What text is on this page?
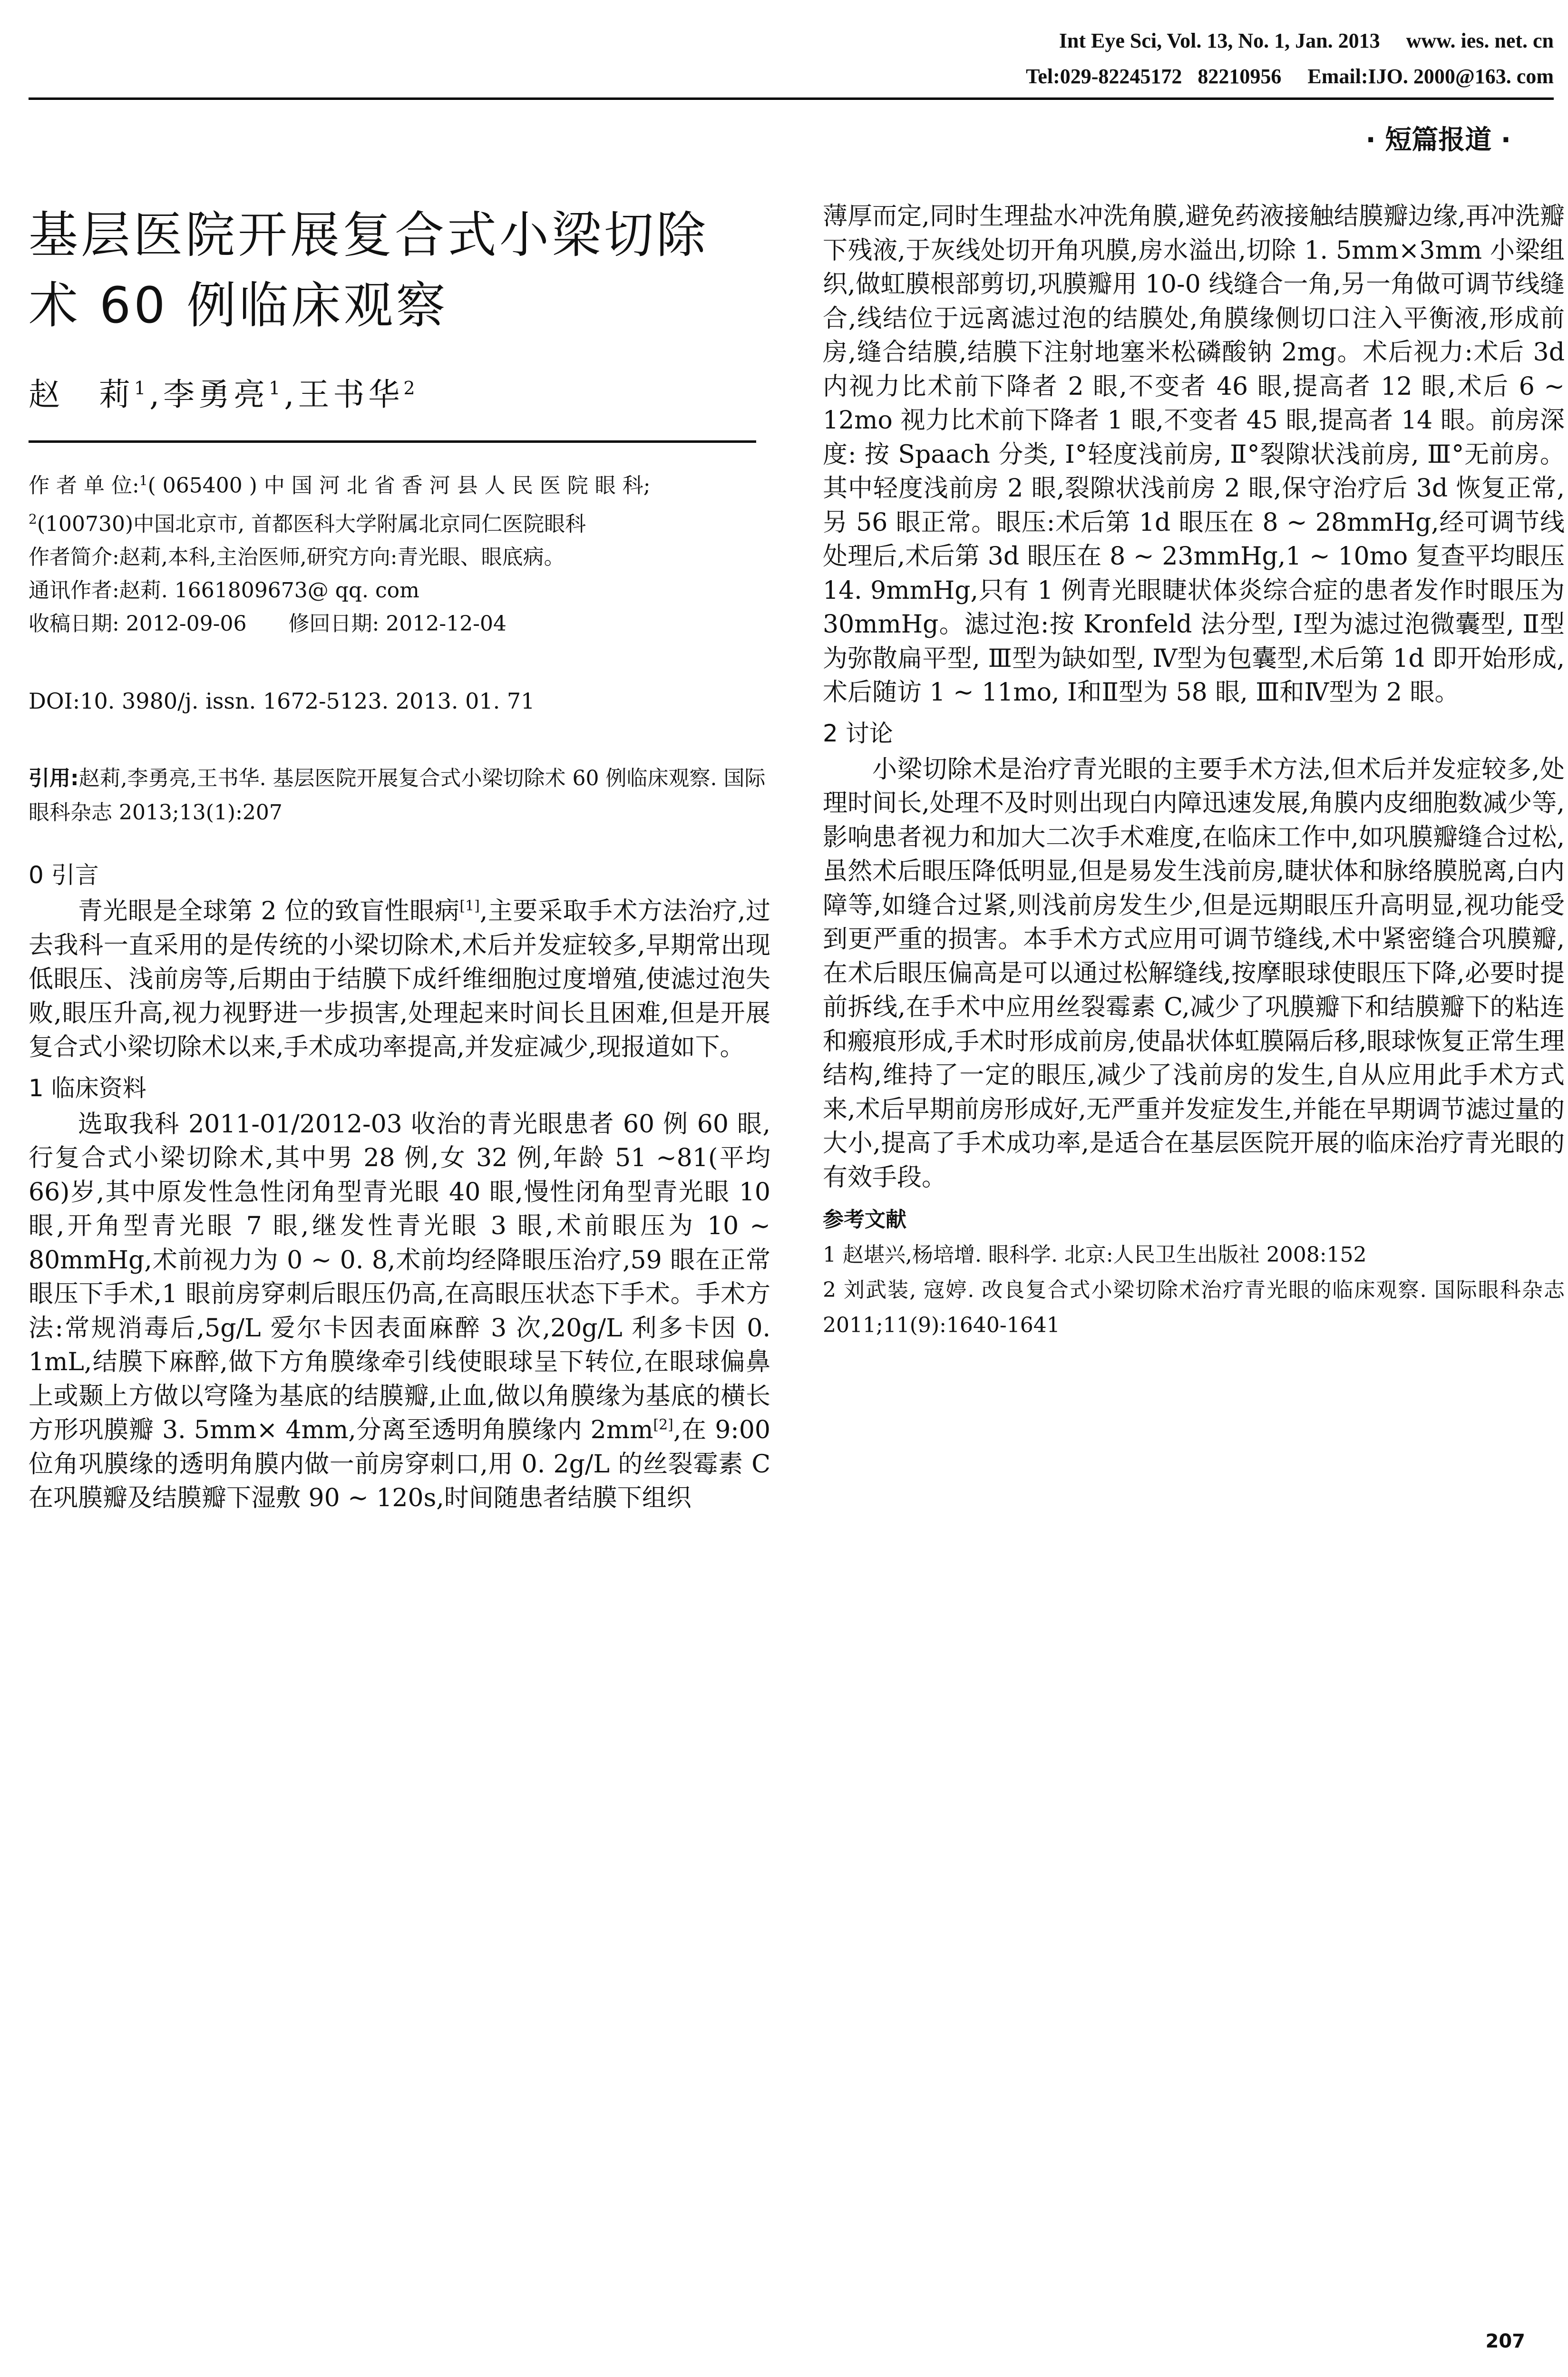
Int Eye Sci, Vol. 13, No. 1, Jan. 2013     www. ies. net. cn
Tel:029-82245172   82210956     Email:IJO. 2000@163. com
· 短篇报道 ·
基层医院开展复合式小梁切除
术 60 例临床观察
赵　莉$^1$,李勇亮$^1$,王书华$^2$

作 者 单 位:$^1$( 065400 ) 中 国 河 北 省 香 河 县 人 民 医 院 眼 科;

$^2$(100730)中国北京市, 首都医科大学附属北京同仁医院眼科

作者简介:赵莉,本科,主治医师,研究方向:青光眼、眼底病。

通讯作者:赵莉. 1661809673@ qq. com

收稿日期: 2012-09-06　　修回日期: 2012-12-04

DOI:10. 3980/j. issn. 1672-5123. 2013. 01. 71
引用:赵莉,李勇亮,王书华. 基层医院开展复合式小梁切除术 60 例临床观察. 国际眼科杂志 2013;13(1):207
0 引言

青光眼是全球第 2 位的致盲性眼病[1],主要采取手术方法治疗,过去我科一直采用的是传统的小梁切除术,术后并发症较多,早期常出现低眼压、浅前房等,后期由于结膜下成纤维细胞过度增殖,使滤过泡失败,眼压升高,视力视野进一步损害,处理起来时间长且困难,但是开展复合式小梁切除术以来,手术成功率提高,并发症减少,现报道如下。

1 临床资料

选取我科 2011-01/2012-03 收治的青光眼患者 60 例 60 眼,行复合式小梁切除术,其中男 28 例,女 32 例,年龄 51 ~81(平均 66)岁,其中原发性急性闭角型青光眼 40 眼,慢性闭角型青光眼 10 眼,开角型青光眼 7 眼,继发性青光眼 3 眼,术前眼压为 10 ~ 80mmHg,术前视力为 0 ~ 0. 8,术前均经降眼压治疗,59 眼在正常眼压下手术,1 眼前房穿刺后眼压仍高,在高眼压状态下手术。手术方法:常规消毒后,5g/L 爱尔卡因表面麻醉 3 次,20g/L 利多卡因 0. 1mL,结膜下麻醉,做下方角膜缘牵引线使眼球呈下转位,在眼球偏鼻上或颞上方做以穹隆为基底的结膜瓣,止血,做以角膜缘为基底的横长方形巩膜瓣 3. 5mm× 4mm,分离至透明角膜缘内 2mm[2],在 9:00 位角巩膜缘的透明角膜内做一前房穿刺口,用 0. 2g/L 的丝裂霉素 C 在巩膜瓣及结膜瓣下湿敷 90 ~ 120s,时间随患者结膜下组织

薄厚而定,同时生理盐水冲洗角膜,避免药液接触结膜瓣边缘,再冲洗瓣下残液,于灰线处切开角巩膜,房水溢出,切除 1. 5mm×3mm 小梁组织,做虹膜根部剪切,巩膜瓣用 10-0 线缝合一角,另一角做可调节线缝合,线结位于远离滤过泡的结膜处,角膜缘侧切口注入平衡液,形成前房,缝合结膜,结膜下注射地塞米松磷酸钠 2mg。术后视力:术后 3d 内视力比术前下降者 2 眼,不变者 46 眼,提高者 12 眼,术后 6 ~ 12mo 视力比术前下降者 1 眼,不变者 45 眼,提高者 14 眼。前房深度: 按 Spaach 分类, Ⅰ°轻度浅前房, Ⅱ°裂隙状浅前房, Ⅲ°无前房。其中轻度浅前房 2 眼,裂隙状浅前房 2 眼,保守治疗后 3d 恢复正常,另 56 眼正常。眼压:术后第 1d 眼压在 8 ~ 28mmHg,经可调节线处理后,术后第 3d 眼压在 8 ~ 23mmHg,1 ~ 10mo 复查平均眼压 14. 9mmHg,只有 1 例青光眼睫状体炎综合症的患者发作时眼压为 30mmHg。滤过泡:按 Kronfeld 法分型, Ⅰ型为滤过泡微囊型, Ⅱ型为弥散扁平型, Ⅲ型为缺如型, Ⅳ型为包囊型,术后第 1d 即开始形成,术后随访 1 ~ 11mo, Ⅰ和Ⅱ型为 58 眼, Ⅲ和Ⅳ型为 2 眼。

2 讨论

小梁切除术是治疗青光眼的主要手术方法,但术后并发症较多,处理时间长,处理不及时则出现白内障迅速发展,角膜内皮细胞数减少等,影响患者视力和加大二次手术难度,在临床工作中,如巩膜瓣缝合过松,虽然术后眼压降低明显,但是易发生浅前房,睫状体和脉络膜脱离,白内障等,如缝合过紧,则浅前房发生少,但是远期眼压升高明显,视功能受到更严重的损害。本手术方式应用可调节缝线,术中紧密缝合巩膜瓣,在术后眼压偏高是可以通过松解缝线,按摩眼球使眼压下降,必要时提前拆线,在手术中应用丝裂霉素 C,减少了巩膜瓣下和结膜瓣下的粘连和瘢痕形成,手术时形成前房,使晶状体虹膜隔后移,眼球恢复正常生理结构,维持了一定的眼压,减少了浅前房的发生,自从应用此手术方式来,术后早期前房形成好,无严重并发症发生,并能在早期调节滤过量的大小,提高了手术成功率,是适合在基层医院开展的临床治疗青光眼的有效手段。

参考文献

1 赵堪兴,杨培增. 眼科学. 北京:人民卫生出版社 2008:152

2 刘武装, 寇婷. 改良复合式小梁切除术治疗青光眼的临床观察. 国际眼科杂志 2011;11(9):1640-1641

207
